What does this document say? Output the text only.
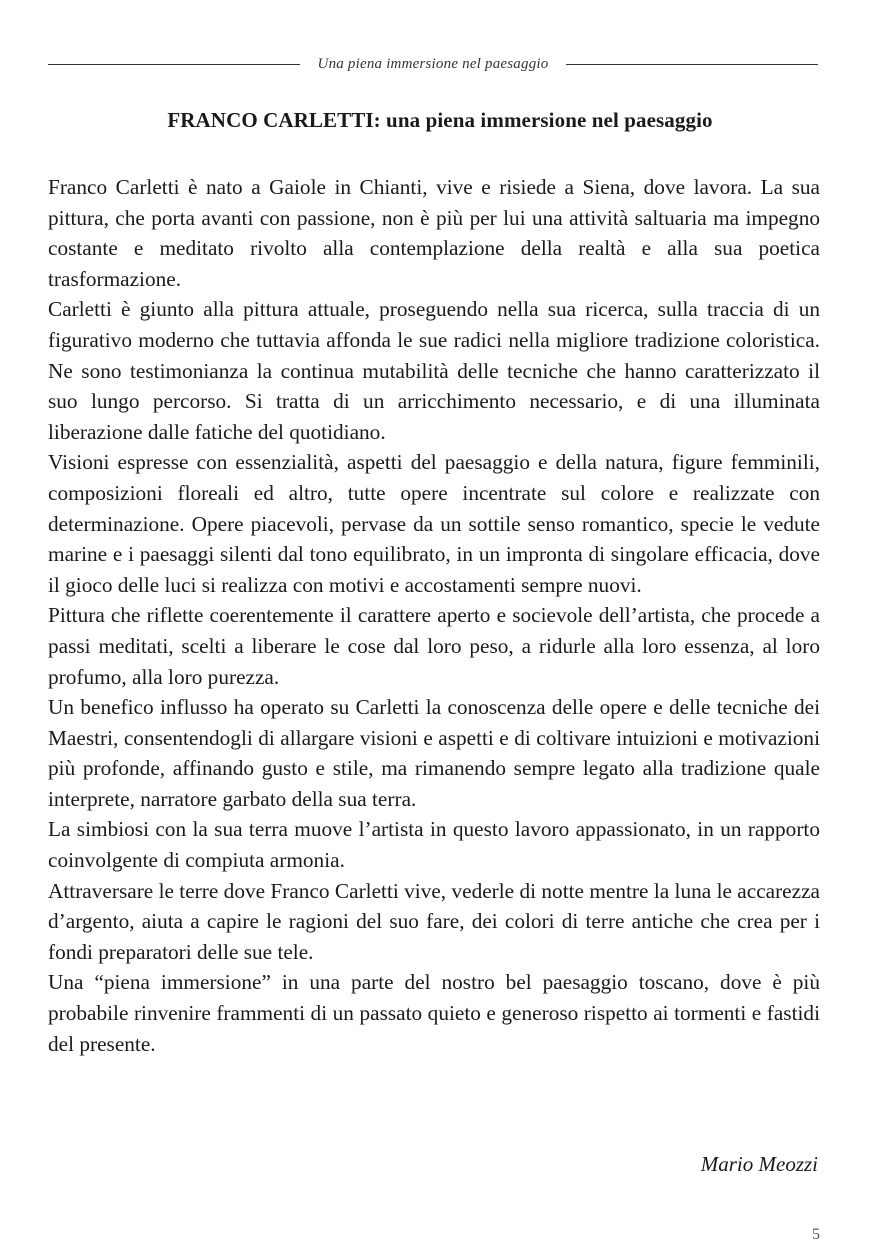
Una piena immersione nel paesaggio
FRANCO CARLETTI: una piena immersione nel paesaggio

Franco Carletti è nato a Gaiole in Chianti, vive e risiede a Siena, dove lavora. La sua pittura, che porta avanti con passione, non è più per lui una attività saltuaria ma impegno costante e meditato rivolto alla contemplazione della realtà e alla sua poetica trasformazione.

Carletti è giunto alla pittura attuale, proseguendo nella sua ricerca, sulla traccia di un figurativo moderno che tuttavia affonda le sue radici nella migliore tradizione coloristica. Ne sono testimonianza la continua mutabilità delle tecniche che hanno caratterizzato il suo lungo percorso. Si tratta di un arricchimento necessario, e di una illuminata liberazione dalle fatiche del quotidiano.

Visioni espresse con essenzialità, aspetti del paesaggio e della natura, figure femminili, composizioni floreali ed altro, tutte opere incentrate sul colore e realizzate con determinazione. Opere piacevoli, pervase da un sottile senso romantico, specie le vedute marine e i paesaggi silenti dal tono equilibrato, in un impronta di singolare efficacia, dove il gioco delle luci si realizza con motivi e accostamenti sempre nuovi.

Pittura che riflette coerentemente il carattere aperto e socievole dell’artista, che procede a passi meditati, scelti a liberare le cose dal loro peso, a ridurle alla loro essenza, al loro profumo, alla loro purezza.

Un benefico influsso ha operato su Carletti la conoscenza delle opere e delle tecniche dei Maestri, consentendogli di allargare visioni e aspetti e di coltivare intuizioni e motivazioni più profonde, affinando gusto e stile, ma rimanendo sempre legato alla tradizione quale interprete, narratore garbato della sua terra.

La simbiosi con la sua terra muove l’artista in questo lavoro appassionato, in un rapporto coinvolgente di compiuta armonia.

Attraversare le terre dove Franco Carletti vive, vederle di notte mentre la luna le accarezza d’argento, aiuta a capire le ragioni del suo fare, dei colori di terre antiche che crea per i fondi preparatori delle sue tele.

Una “piena immersione” in una parte del nostro bel paesaggio toscano, dove è più probabile rinvenire frammenti di un passato quieto e generoso rispetto ai tormenti e fastidi del presente.

Mario Meozzi

5
